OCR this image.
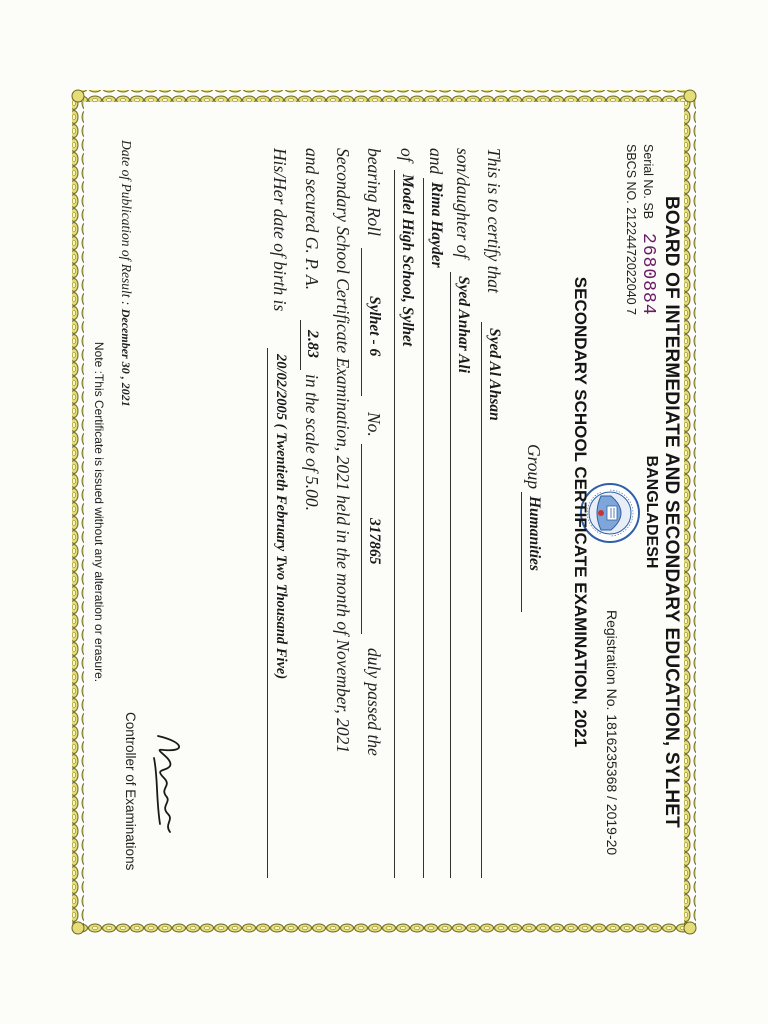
BOARD OF INTERMEDIATE AND SECONDARY EDUCATION, SYLHET
BANGLADESH
Serial No. SB2680884
SBCS NO. 21224472022040 7
Registration No. 1816235368 / 2019-20
SECONDARY SCHOOL CERTIFICATE EXAMINATION, 2021
Group
Humanities
This is to certify that
Syed Al Ahsan
son/daughter of
Syed Anhar Ali
and
Rima Hayder
of
Model High School, Sylhet
bearing Roll
Sylhet - 6
No.
317865
duly passed the
Secondary School Certificate Examination, 2021 held in the month of November, 2021
and secured G. P. A.
2.83
in the scale of 5.00.
His/Her date of birth is
20/02/2005 ( Twentieth February Two Thousand Five)
Controller of Examinations
Date of Publication of Result : December 30 , 2021
Note :This Certificate is issued without any alteration or erasure.
